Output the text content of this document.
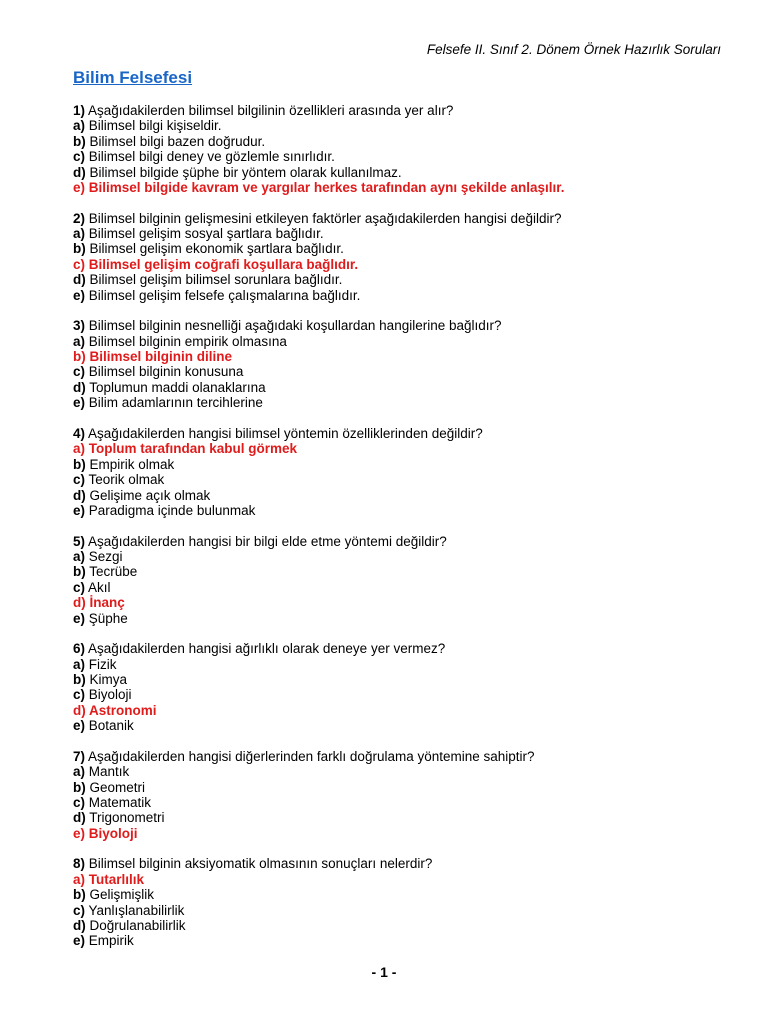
Felsefe II. Sınıf 2. Dönem Örnek Hazırlık Soruları
Bilim Felsefesi
1) Aşağıdakilerden bilimsel bilgilinin özellikleri arasında yer alır?
a) Bilimsel bilgi kişiseldir.
b) Bilimsel bilgi bazen doğrudur.
c) Bilimsel bilgi deney ve gözlemle sınırlıdır.
d) Bilimsel bilgide şüphe bir yöntem olarak kullanılmaz.
e) Bilimsel bilgide kavram ve yargılar herkes tarafından aynı şekilde anlaşılır.
2) Bilimsel bilginin gelişmesini etkileyen faktörler aşağıdakilerden hangisi değildir?
a) Bilimsel gelişim sosyal şartlara bağlıdır.
b) Bilimsel gelişim ekonomik şartlara bağlıdır.
c) Bilimsel gelişim coğrafi koşullara bağlıdır.
d) Bilimsel gelişim bilimsel sorunlara bağlıdır.
e) Bilimsel gelişim felsefe çalışmalarına bağlıdır.
3) Bilimsel bilginin nesnelliği aşağıdaki koşullardan hangilerine bağlıdır?
a) Bilimsel bilginin empirik olmasına
b) Bilimsel bilginin diline
c) Bilimsel bilginin konusuna
d) Toplumun maddi olanaklarına
e) Bilim adamlarının tercihlerine
4) Aşağıdakilerden hangisi bilimsel yöntemin özelliklerinden değildir?
a) Toplum tarafından kabul görmek
b) Empirik olmak
c) Teorik olmak
d) Gelişime açık olmak
e) Paradigma içinde bulunmak
5) Aşağıdakilerden hangisi bir bilgi elde etme yöntemi değildir?
a) Sezgi
b) Tecrübe
c) Akıl
d) İnanç
e) Şüphe
6) Aşağıdakilerden hangisi ağırlıklı olarak deneye yer vermez?
a) Fizik
b) Kimya
c) Biyoloji
d) Astronomi
e) Botanik
7) Aşağıdakilerden hangisi diğerlerinden farklı doğrulama yöntemine sahiptir?
a) Mantık
b) Geometri
c) Matematik
d) Trigonometri
e) Biyoloji
8) Bilimsel bilginin aksiyomatik olmasının sonuçları nelerdir?
a) Tutarlılık
b) Gelişmişlik
c) Yanlışlanabilirlik
d) Doğrulanabilirlik
e) Empirik
- 1 -
